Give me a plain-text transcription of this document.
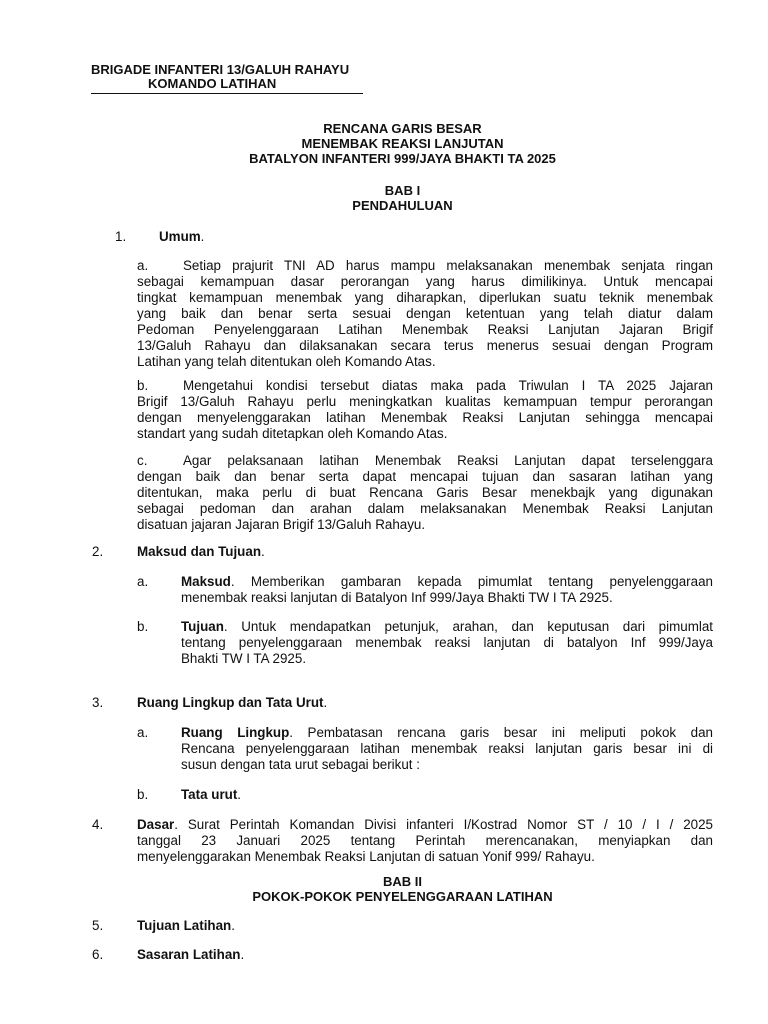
BRIGADE INFANTERI 13/GALUH RAHAYU
KOMANDO LATIHAN
RENCANA GARIS BESAR
MENEMBAK REAKSI LANJUTAN
BATALYON INFANTERI 999/JAYA BHAKTI TA 2025
BAB I
PENDAHULUAN
1. Umum.
a.	Setiap prajurit TNI AD harus mampu melaksanakan menembak senjata ringan
sebagai kemampuan dasar perorangan yang harus dimilikinya. Untuk mencapai
tingkat kemampuan menembak yang diharapkan, diperlukan suatu teknik menembak
yang baik dan benar serta sesuai dengan ketentuan yang telah diatur dalam
Pedoman Penyelenggaraan Latihan Menembak Reaksi Lanjutan Jajaran Brigif
13/Galuh Rahayu dan dilaksanakan secara terus menerus sesuai dengan Program
Latihan yang telah ditentukan oleh Komando Atas.
b.	Mengetahui kondisi tersebut diatas maka pada Triwulan I TA 2025 Jajaran
Brigif 13/Galuh Rahayu perlu meningkatkan kualitas kemampuan tempur perorangan
dengan menyelenggarakan latihan Menembak Reaksi Lanjutan sehingga mencapai
standart yang sudah ditetapkan oleh Komando Atas.
c.	Agar pelaksanaan latihan Menembak Reaksi Lanjutan dapat terselenggara
dengan baik dan benar serta dapat mencapai tujuan dan sasaran latihan yang
ditentukan, maka perlu di buat Rencana Garis Besar menekbajk yang digunakan
sebagai pedoman dan arahan dalam melaksanakan Menembak Reaksi Lanjutan
disatuan jajaran Jajaran Brigif 13/Galuh Rahayu.
2.	Maksud dan Tujuan.
a. Maksud. Memberikan gambaran kepada pimumlat tentang penyelenggaraan
menembak reaksi lanjutan di Batalyon Inf 999/Jaya Bhakti TW I TA 2925.
b. Tujuan. Untuk mendapatkan petunjuk, arahan, dan keputusan dari pimumlat
tentang penyelenggaraan menembak reaksi lanjutan di batalyon Inf 999/Jaya
Bhakti TW I TA 2925.
3.	Ruang Lingkup dan Tata Urut.
a. Ruang Lingkup. Pembatasan rencana garis besar ini meliputi pokok dan
Rencana penyelenggaraan latihan menembak reaksi lanjutan garis besar ini di
susun dengan tata urut sebagai berikut :
b. Tata urut.
4.	Dasar. Surat Perintah Komandan Divisi infanteri I/Kostrad Nomor ST / 10 / I / 2025
tanggal 23 Januari 2025 tentang Perintah merencanakan, menyiapkan dan
menyelenggarakan Menembak Reaksi Lanjutan di satuan Yonif 999/ Rahayu.
BAB II
POKOK-POKOK PENYELENGGARAAN LATIHAN
5.	Tujuan Latihan.
6.	Sasaran Latihan.
